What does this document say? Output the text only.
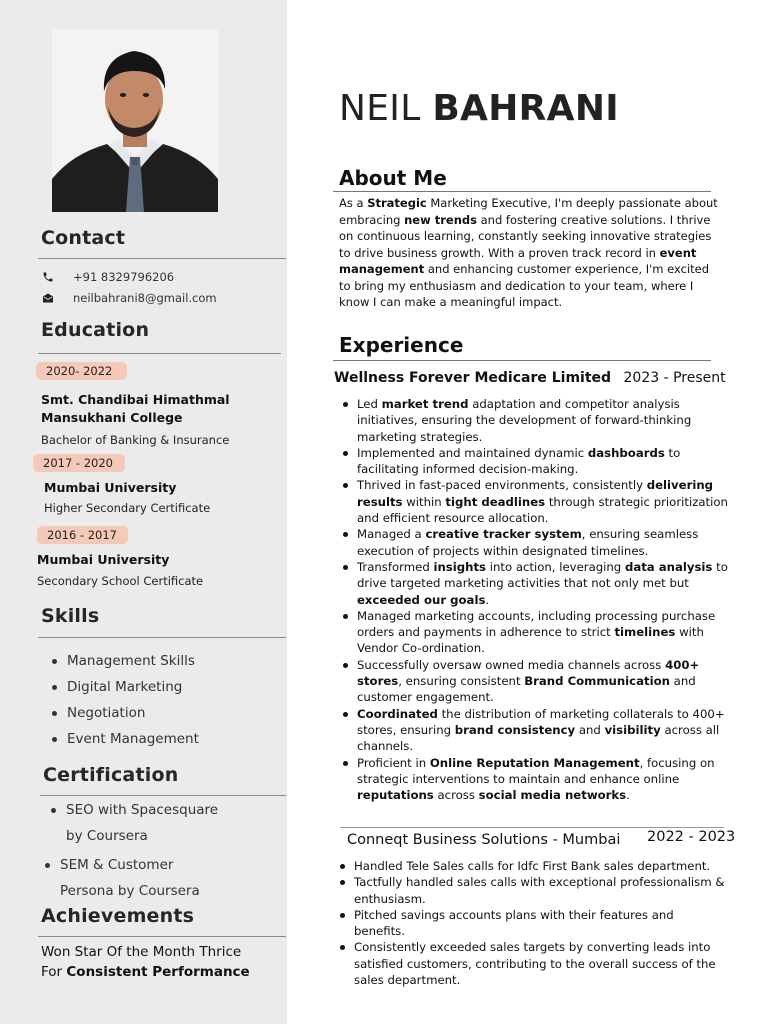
Contact
+91 8329796206
neilbahrani8@gmail.com
Education
2020- 2022
Smt. Chandibai Himathmal
Mansukhani College
Bachelor of Banking & Insurance
2017 - 2020
Mumbai University
Higher Secondary Certificate
2016 - 2017
Mumbai University
Secondary School Certificate
Skills
Management Skills
Digital Marketing
Negotiation
Event Management
Certification
SEO with Spacesquare
by Coursera
SEM & Customer
Persona by Coursera
Achievements
Won Star Of the Month Thrice
For Consistent Performance
NEIL BAHRANI
About Me
As a Strategic Marketing Executive, I'm deeply passionate about embracing new trends and fostering creative solutions. I thrive on continuous learning, constantly seeking innovative strategies to drive business growth. With a proven track record in event management and enhancing customer experience, I'm excited to bring my enthusiasm and dedication to your team, where I know I can make a meaningful impact.
Experience
Wellness Forever Medicare Limited 2023 - Present
Led market trend adaptation and competitor analysis initiatives, ensuring the development of forward-thinking marketing strategies.
Implemented and maintained dynamic dashboards to facilitating informed decision-making.
Thrived in fast-paced environments, consistently delivering results within tight deadlines through strategic prioritization and efficient resource allocation.
Managed a creative tracker system, ensuring seamless execution of projects within designated timelines.
Transformed insights into action, leveraging data analysis to drive targeted marketing activities that not only met but exceeded our goals.
Managed marketing accounts, including processing purchase orders and payments in adherence to strict timelines with Vendor Co-ordination.
Successfully oversaw owned media channels across 400+ stores, ensuring consistent Brand Communication and customer engagement.
Coordinated the distribution of marketing collaterals to 400+ stores, ensuring brand consistency and visibility across all channels.
Proficient in Online Reputation Management, focusing on strategic interventions to maintain and enhance online reputations across social media networks.
Conneqt Business Solutions - Mumbai 2022 - 2023
Handled Tele Sales calls for Idfc First Bank sales department.
Tactfully handled sales calls with exceptional professionalism & enthusiasm.
Pitched savings accounts plans with their features and benefits.
Consistently exceeded sales targets by converting leads into satisfied customers, contributing to the overall success of the sales department.
